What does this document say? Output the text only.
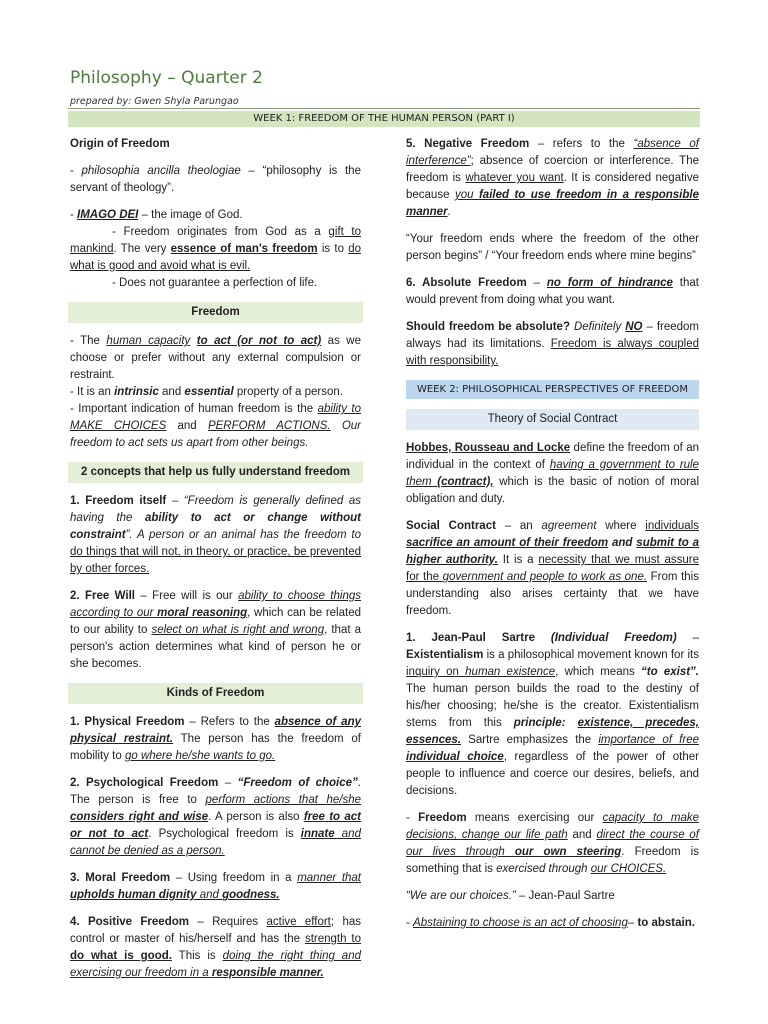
Philosophy – Quarter 2
prepared by: Gwen Shyla Parungao
WEEK 1: FREEDOM OF THE HUMAN PERSON (PART I)

Origin of Freedom

- philosophia ancilla theologiae – “philosophy is the servant of theology”.

- IMAGO DEI – the image of God.

- Freedom originates from God as a gift to mankind. The very essence of man's freedom is to do what is good and avoid what is evil.

- Does not guarantee a perfection of life.

Freedom

- The human capacity to act (or not to act) as we choose or prefer without any external compulsion or restraint.

- It is an intrinsic and essential property of a person.

- Important indication of human freedom is the ability to MAKE CHOICES and PERFORM ACTIONS. Our freedom to act sets us apart from other beings.

2 concepts that help us fully understand freedom

1. Freedom itself – “Freedom is generally defined as having the ability to act or change without constraint”. A person or an animal has the freedom to do things that will not, in theory, or practice, be prevented by other forces.

2. Free Will – Free will is our ability to choose things according to our moral reasoning, which can be related to our ability to select on what is right and wrong, that a person's action determines what kind of person he or she becomes.

Kinds of Freedom

1. Physical Freedom – Refers to the absence of any physical restraint. The person has the freedom of mobility to go where he/she wants to go.

2. Psychological Freedom – “Freedom of choice”. The person is free to perform actions that he/she considers right and wise. A person is also free to act or not to act. Psychological freedom is innate and cannot be denied as a person.

3. Moral Freedom – Using freedom in a manner that upholds human dignity and goodness.

4. Positive Freedom – Requires active effort; has control or master of his/herself and has the strength to do what is good. This is doing the right thing and exercising our freedom in a responsible manner.

5. Negative Freedom – refers to the “absence of interference”; absence of coercion or interference. The freedom is whatever you want. It is considered negative because you failed to use freedom in a responsible manner.

“Your freedom ends where the freedom of the other person begins” / “Your freedom ends where mine begins”

6. Absolute Freedom – no form of hindrance that would prevent from doing what you want.

Should freedom be absolute? Definitely NO – freedom always had its limitations. Freedom is always coupled with responsibility.

WEEK 2: PHILOSOPHICAL PERSPECTIVES OF FREEDOM
Theory of Social Contract

Hobbes, Rousseau and Locke define the freedom of an individual in the context of having a government to rule them (contract), which is the basic of notion of moral obligation and duty.

Social Contract – an agreement where individuals sacrifice an amount of their freedom and submit to a higher authority. It is a necessity that we must assure for the government and people to work as one. From this understanding also arises certainty that we have freedom.

1. Jean-Paul Sartre (Individual Freedom) – Existentialism is a philosophical movement known for its inquiry on human existence, which means “to exist”. The human person builds the road to the destiny of his/her choosing; he/she is the creator. Existentialism stems from this principle: existence, precedes, essences. Sartre emphasizes the importance of free individual choice, regardless of the power of other people to influence and coerce our desires, beliefs, and decisions.

- Freedom means exercising our capacity to make decisions, change our life path and direct the course of our lives through our own steering. Freedom is something that is exercised through our CHOICES.

“We are our choices.” – Jean-Paul Sartre

- Abstaining to choose is an act of choosing– to abstain.
